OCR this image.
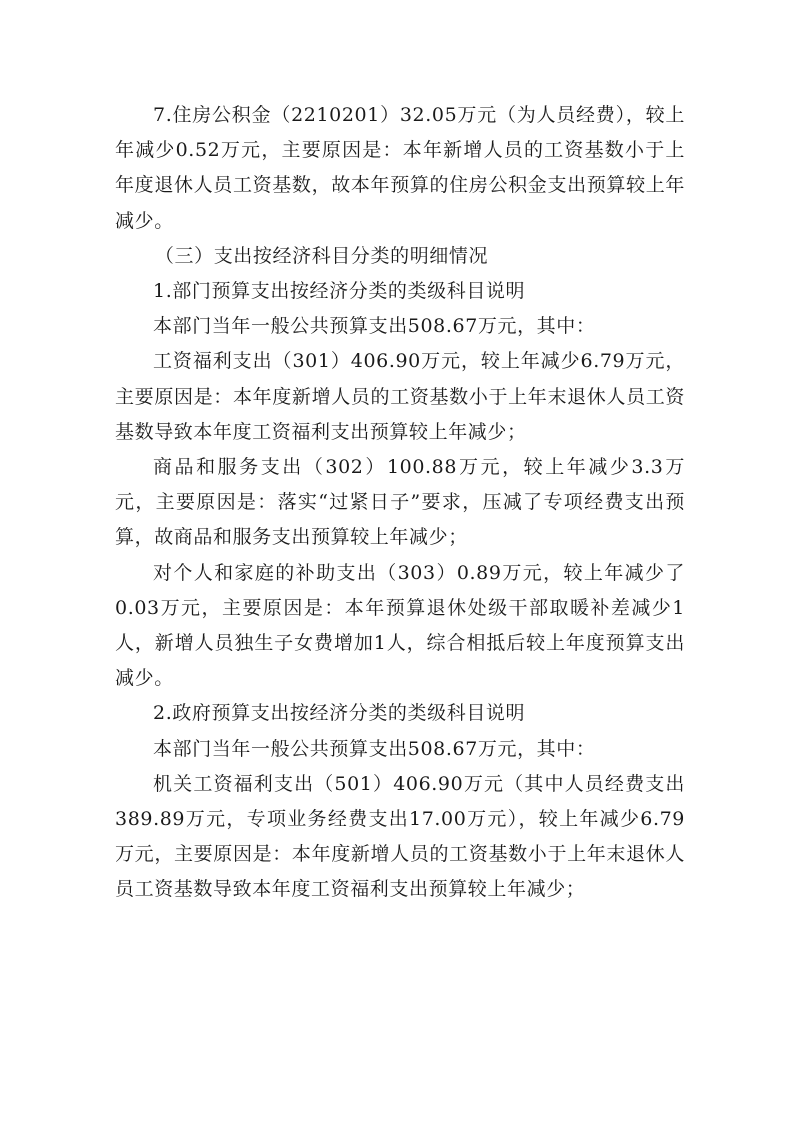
7.住房公积金（2210201）32.05万元（为人员经费），较上年减少0.52万元，主要原因是：本年新增人员的工资基数小于上年度退休人员工资基数，故本年预算的住房公积金支出预算较上年减少。

（三）支出按经济科目分类的明细情况

1.部门预算支出按经济分类的类级科目说明

本部门当年一般公共预算支出508.67万元，其中：

工资福利支出（301）406.90万元，较上年减少6.79万元，主要原因是：本年度新增人员的工资基数小于上年末退休人员工资基数导致本年度工资福利支出预算较上年减少；

商品和服务支出（302）100.88万元，较上年减少3.3万元，主要原因是：落实“过紧日子”要求，压减了专项经费支出预算，故商品和服务支出预算较上年减少；

对个人和家庭的补助支出（303）0.89万元，较上年减少了0.03万元，主要原因是：本年预算退休处级干部取暖补差减少1人，新增人员独生子女费增加1人，综合相抵后较上年度预算支出减少。

2.政府预算支出按经济分类的类级科目说明

本部门当年一般公共预算支出508.67万元，其中：

机关工资福利支出（501）406.90万元（其中人员经费支出389.89万元，专项业务经费支出17.00万元），较上年减少6.79万元，主要原因是：本年度新增人员的工资基数小于上年末退休人员工资基数导致本年度工资福利支出预算较上年减少；
